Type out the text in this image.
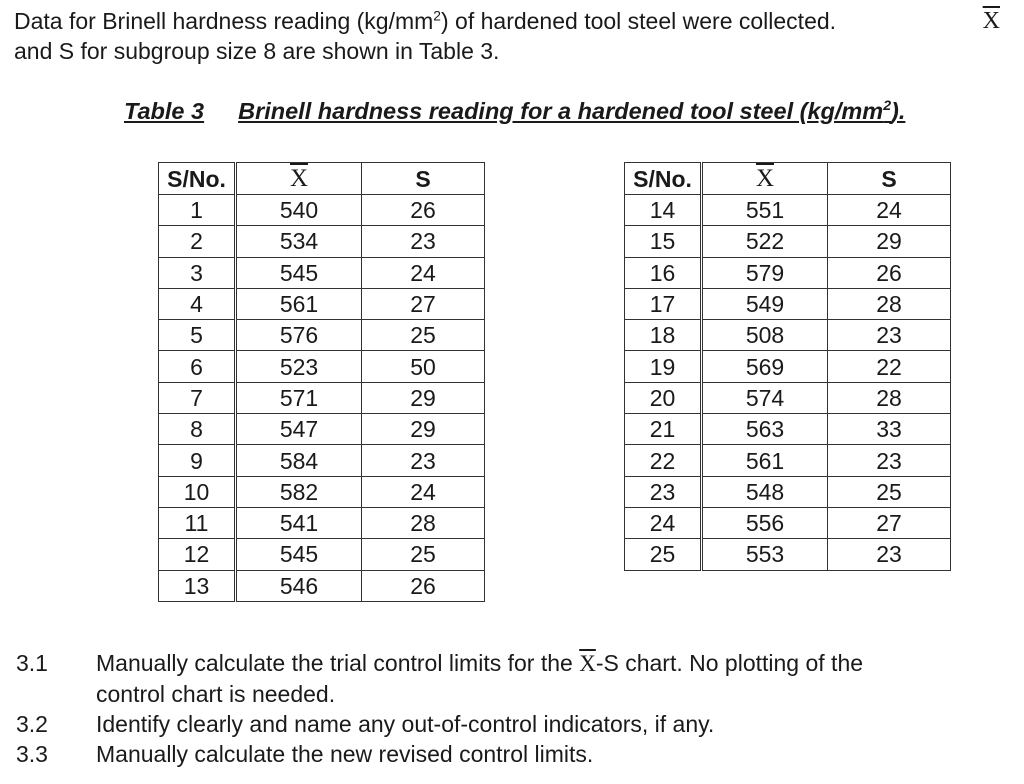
Data for Brinell hardness reading $(kg/mm^2)$ of hardened tool steel were collected.	$\overline{X}$
and S for subgroup size 8 are shown in Table 3.
Table 3 Brinell hardness reading for a hardened tool steel $(kg/mm^2)$.
S/No.	$\overline{X}$	S
1	540	26
2	534	23
3	545	24
4	561	27
5	576	25
6	523	50
7	571	29
8	547	29
9	584	23
10	582	24
11	541	28
12	545	25
13	546	26
S/No.	$\overline{X}$	S
14	551	24
15	522	29
16	579	26
17	549	28
18	508	23
19	569	22
20	574	28
21	563	33
22	561	23
23	548	25
24	556	27
25	553	23
3.1	Manually calculate the trial control limits for the $\overline{X}-S$ chart. No plotting of the
control chart is needed.
3.2	Identify clearly and name any out-of-control indicators, if any.
3.3	Manually calculate the new revised control limits.
